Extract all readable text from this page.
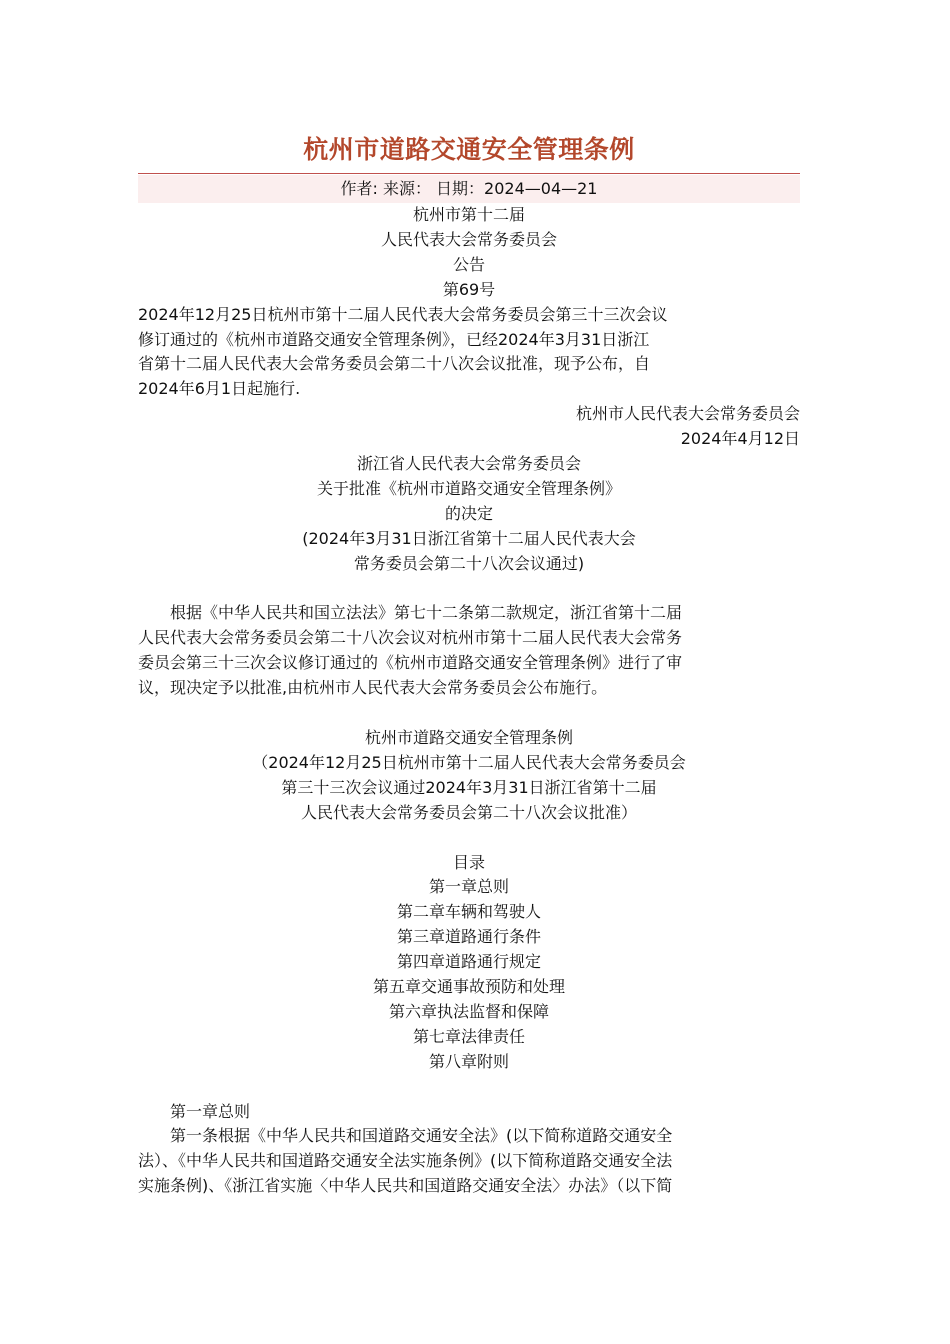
杭州市道路交通安全管理条例
作者: 来源： 日期：2024—04—21
杭州市第十二届
人民代表大会常务委员会
公告
第69号
2024年12月25日杭州市第十二届人民代表大会常务委员会第三十三次会议
修订通过的《杭州市道路交通安全管理条例》，已经2024年3月31日浙江
省第十二届人民代表大会常务委员会第二十八次会议批准，现予公布，自
2024年6月1日起施行.
杭州市人民代表大会常务委员会
2024年4月12日
浙江省人民代表大会常务委员会
关于批准《杭州市道路交通安全管理条例》
的决定
(2024年3月31日浙江省第十二届人民代表大会
常务委员会第二十八次会议通过)
根据《中华人民共和国立法法》第七十二条第二款规定，浙江省第十二届
人民代表大会常务委员会第二十八次会议对杭州市第十二届人民代表大会常务
委员会第三十三次会议修订通过的《杭州市道路交通安全管理条例》进行了审
议，现决定予以批准,由杭州市人民代表大会常务委员会公布施行。
杭州市道路交通安全管理条例
（2024年12月25日杭州市第十二届人民代表大会常务委员会
第三十三次会议通过2024年3月31日浙江省第十二届
人民代表大会常务委员会第二十八次会议批准）
目录
第一章总则
第二章车辆和驾驶人
第三章道路通行条件
第四章道路通行规定
第五章交通事故预防和处理
第六章执法监督和保障
第七章法律责任
第八章附则
第一章总则
第一条根据《中华人民共和国道路交通安全法》(以下简称道路交通安全
法）、《中华人民共和国道路交通安全法实施条例》(以下简称道路交通安全法
实施条例)、《浙江省实施〈中华人民共和国道路交通安全法〉办法》（以下简
